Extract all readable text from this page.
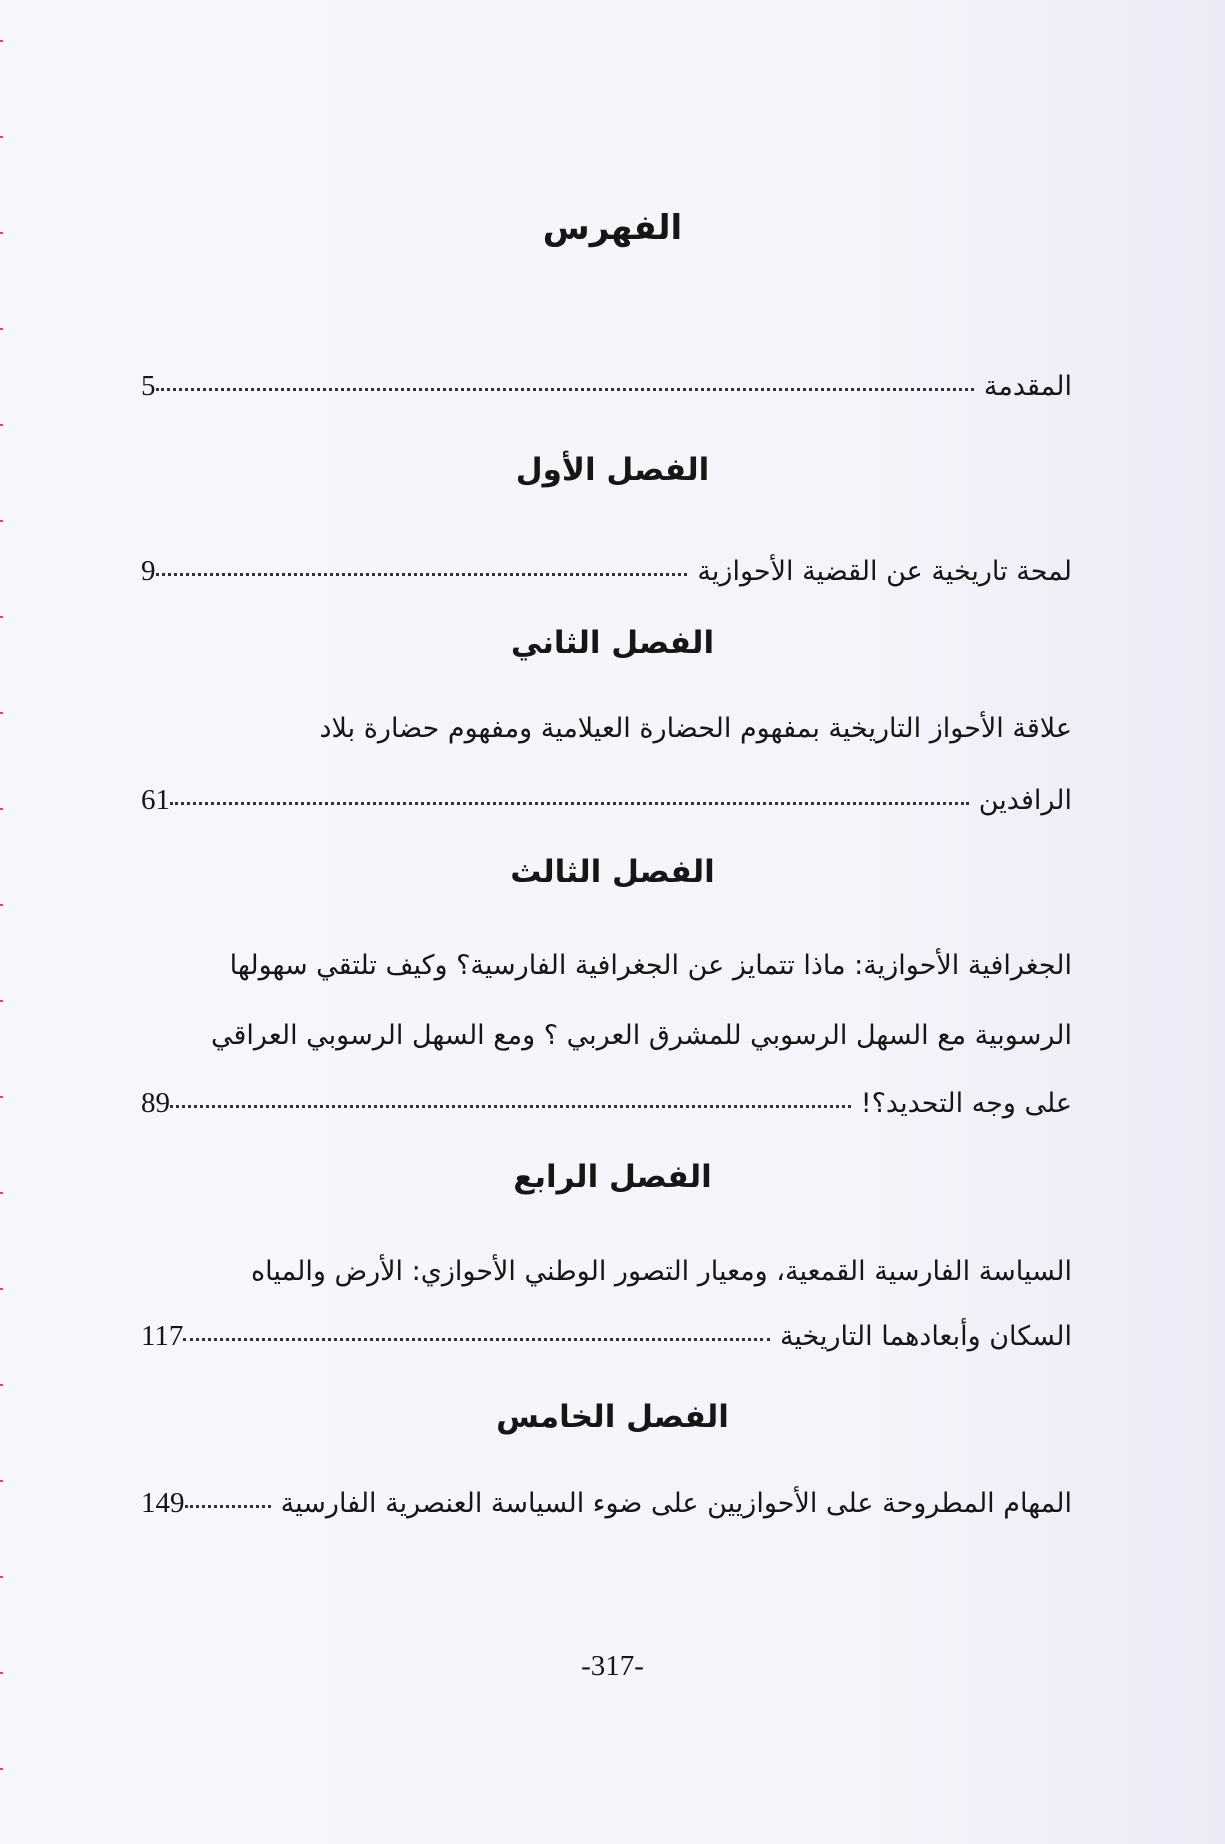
الفهرس
المقدمة
5
الفصل الأول
لمحة تاريخية عن القضية الأحوازية
9
الفصل الثاني
علاقة الأحواز التاريخية بمفهوم الحضارة العيلامية ومفهوم حضارة بلاد
الرافدين
61
الفصل الثالث
الجغرافية الأحوازية: ماذا تتمايز عن الجغرافية الفارسية؟ وكيف تلتقي سهولها
الرسوبية مع السهل الرسوبي للمشرق العربي ؟ ومع السهل الرسوبي العراقي
على وجه التحديد؟!
89
الفصل الرابع
السياسة الفارسية القمعية، ومعيار التصور الوطني الأحوازي: الأرض والمياه
السكان وأبعادهما التاريخية
117
الفصل الخامس
المهام المطروحة على الأحوازيين على ضوء السياسة العنصرية الفارسية
149
-317-
